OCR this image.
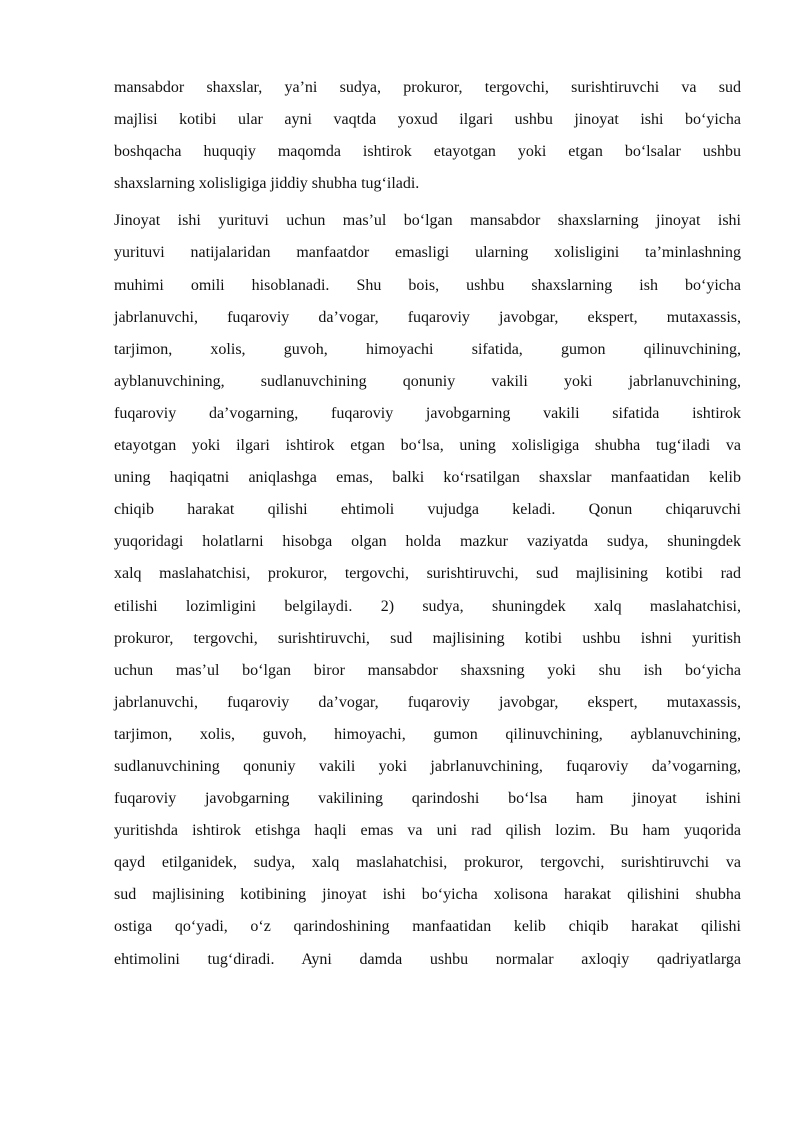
mansabdor shaxslar, ya’ni sudya, prokuror, tergovchi, surishtiruvchi va sud
majlisi kotibi ular ayni vaqtda yoxud ilgari ushbu jinoyat ishi bo‘yicha
boshqacha huquqiy maqomda ishtirok etayotgan yoki etgan bo‘lsalar ushbu
shaxslarning xolisligiga jiddiy shubha tug‘iladi.
Jinoyat ishi yurituvi uchun mas’ul bo‘lgan mansabdor shaxslarning jinoyat ishi
yurituvi natijalaridan manfaatdor emasligi ularning xolisligini ta’minlashning
muhimi omili hisoblanadi. Shu bois, ushbu shaxslarning ish bo‘yicha
jabrlanuvchi, fuqaroviy da’vogar, fuqaroviy javobgar, ekspert, mutaxassis,
tarjimon, xolis, guvoh, himoyachi sifatida, gumon qilinuvchining,
ayblanuvchining, sudlanuvchining qonuniy vakili yoki jabrlanuvchining,
fuqaroviy da’vogarning, fuqaroviy javobgarning vakili sifatida ishtirok
etayotgan yoki ilgari ishtirok etgan bo‘lsa, uning xolisligiga shubha tug‘iladi va
uning haqiqatni aniqlashga emas, balki ko‘rsatilgan shaxslar manfaatidan kelib
chiqib harakat qilishi ehtimoli vujudga keladi. Qonun chiqaruvchi
yuqoridagi holatlarni hisobga olgan holda mazkur vaziyatda sudya, shuningdek
xalq maslahatchisi, prokuror, tergovchi, surishtiruvchi, sud majlisining kotibi rad
etilishi lozimligini belgilaydi. 2) sudya, shuningdek xalq maslahatchisi,
prokuror, tergovchi, surishtiruvchi, sud majlisining kotibi ushbu ishni yuritish
uchun mas’ul bo‘lgan biror mansabdor shaxsning yoki shu ish bo‘yicha
jabrlanuvchi, fuqaroviy da’vogar, fuqaroviy javobgar, ekspert, mutaxassis,
tarjimon, xolis, guvoh, himoyachi, gumon qilinuvchining, ayblanuvchining,
sudlanuvchining qonuniy vakili yoki jabrlanuvchining, fuqaroviy da’vogarning,
fuqaroviy javobgarning vakilining qarindoshi bo‘lsa ham jinoyat ishini
yuritishda ishtirok etishga haqli emas va uni rad qilish lozim. Bu ham yuqorida
qayd etilganidek, sudya, xalq maslahatchisi, prokuror, tergovchi, surishtiruvchi va
sud majlisining kotibining jinoyat ishi bo‘yicha xolisona harakat qilishini shubha
ostiga qo‘yadi, o‘z qarindoshining manfaatidan kelib chiqib harakat qilishi
ehtimolini tug‘diradi. Ayni damda ushbu normalar axloqiy qadriyatlarga
